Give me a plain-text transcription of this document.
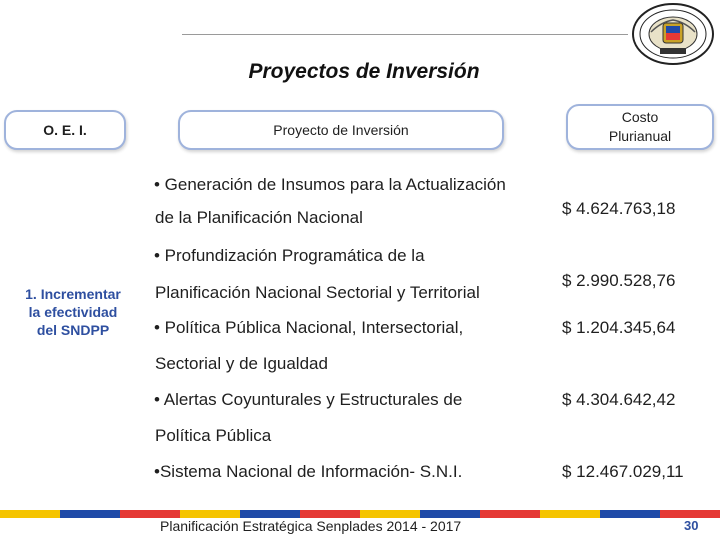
Proyectos de Inversión
O. E. I.	Proyecto de Inversión
Costo
Plurianual
1. Incrementar
la efectividad
del SNDPP
• Generación de Insumos para la Actualización
de la Planificación Nacional
• Profundización Programática de la
Planificación Nacional Sectorial y Territorial
• Política Pública Nacional, Intersectorial,
Sectorial y de Igualdad
• Alertas Coyunturales y Estructurales de
Política Pública
•Sistema Nacional de Información- S.N.I.
$ 4.624.763,18
$ 2.990.528,76
$ 1.204.345,64
$ 4.304.642,42
$ 12.467.029,11
Planificación Estratégica Senplades 2014 - 2017	30
